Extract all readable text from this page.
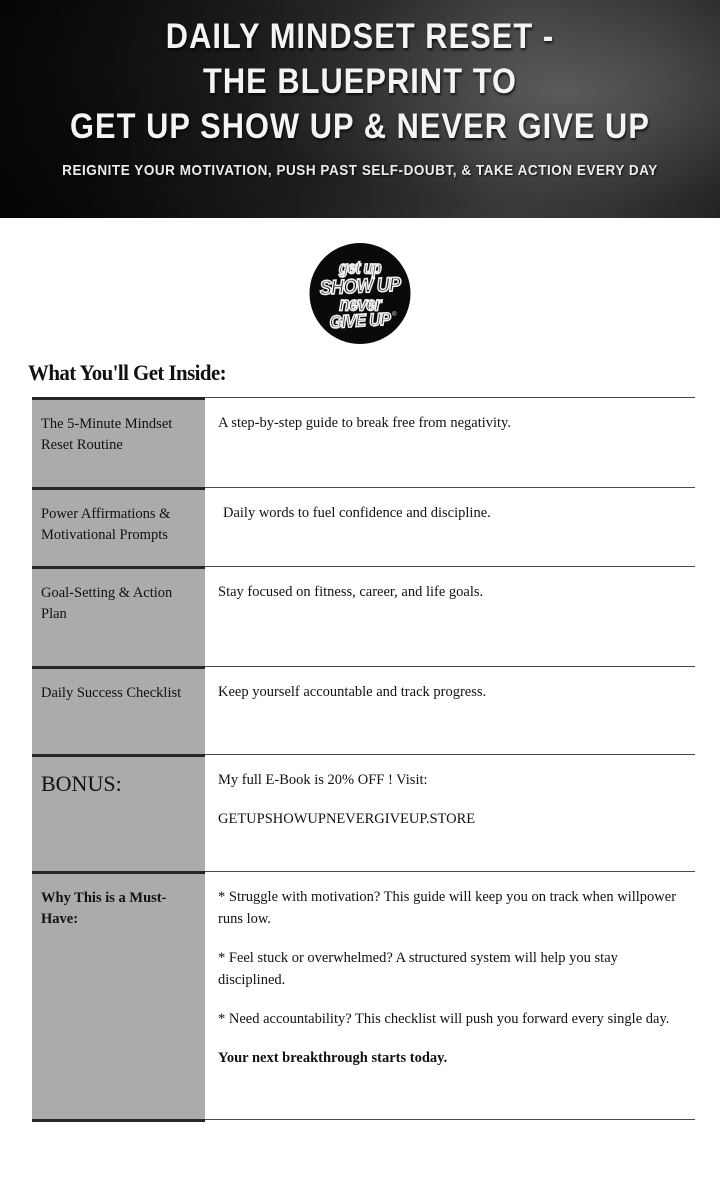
DAILY MINDSET RESET -
THE BLUEPRINT TO
GET UP SHOW UP & NEVER GIVE UP
REIGNITE YOUR MOTIVATION, PUSH PAST SELF-DOUBT, & TAKE ACTION EVERY DAY
get up
SHOW UP
never
GIVE UP ®
What You'll Get Inside:
The 5-Minute Mindset Reset Routine

A step-by-step guide to break free from negativity.

Power Affirmations & Motivational Prompts

Daily words to fuel confidence and discipline.

Goal-Setting & Action Plan

Stay focused on fitness, career, and life goals.

Daily Success Checklist	Keep yourself accountable and track progress.

BONUS:	My full E-Book is 20% OFF ! Visit:

GETUPSHOWUPNEVERGIVEUP.STORE

Why This is a Must-Have:

* Struggle with motivation? This guide will keep you on track when willpower runs low.

* Feel stuck or overwhelmed? A structured system will help you stay disciplined.

* Need accountability? This checklist will push you forward every single day.

Your next breakthrough starts today.
